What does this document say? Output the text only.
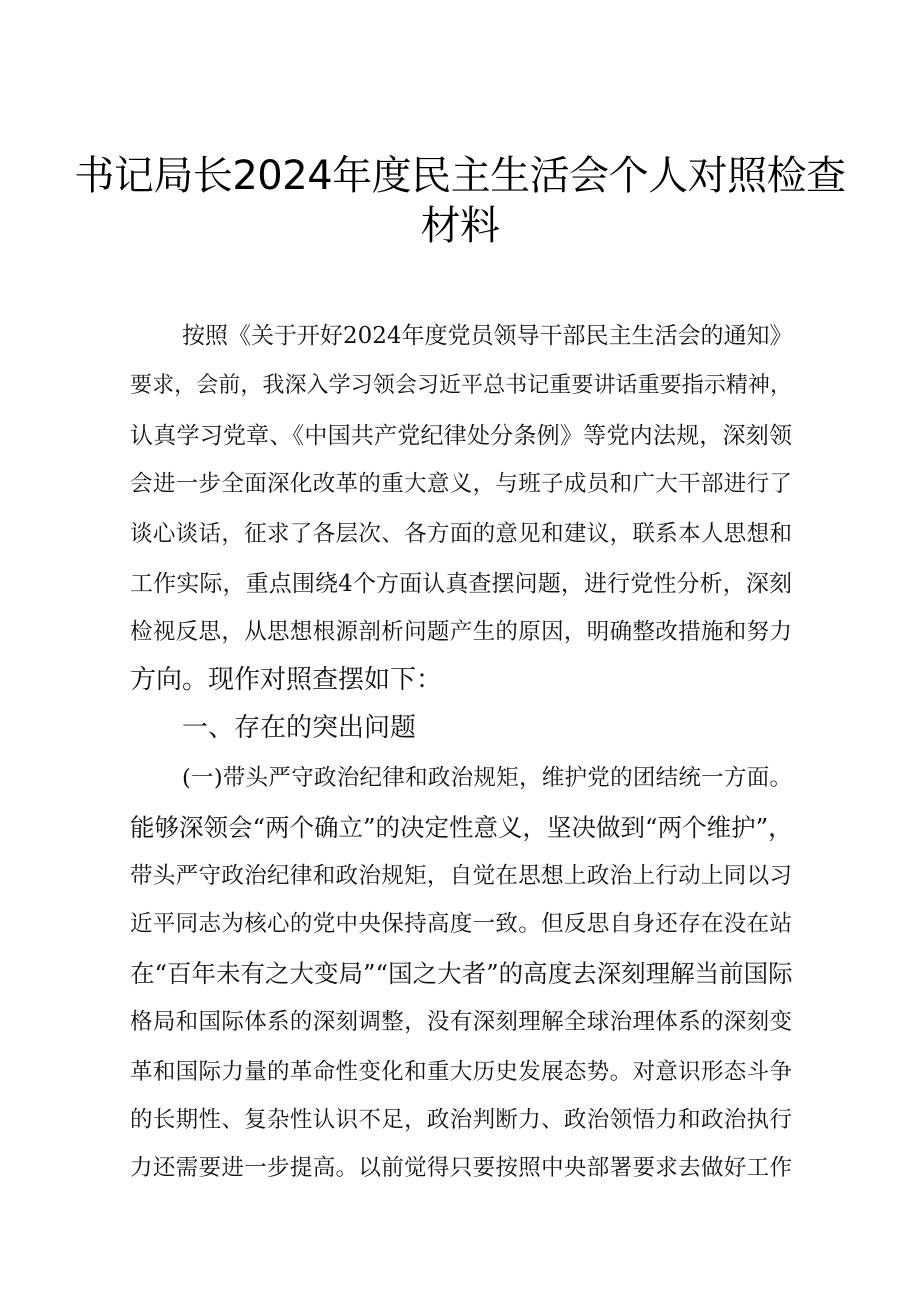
书记局长2024年度民主生活会个人对照检查
材料
按照《关于开好2024年度党员领导干部民主生活会的通知》
要求，会前，我深入学习领会习近平总书记重要讲话重要指示精神，
认真学习党章、《中国共产党纪律处分条例》等党内法规，深刻领
会进一步全面深化改革的重大意义，与班子成员和广大干部进行了
谈心谈话，征求了各层次、各方面的意见和建议，联系本人思想和
工作实际，重点围绕4个方面认真查摆问题，进行党性分析，深刻
检视反思，从思想根源剖析问题产生的原因，明确整改措施和努力
方向。现作对照查摆如下：
一、存在的突出问题
(一)带头严守政治纪律和政治规矩，维护党的团结统一方面。
能够深领会“两个确立”的决定性意义，坚决做到“两个维护”，
带头严守政治纪律和政治规矩，自觉在思想上政治上行动上同以习
近平同志为核心的党中央保持高度一致。但反思自身还存在没在站
在“百年未有之大变局”“国之大者”的高度去深刻理解当前国际
格局和国际体系的深刻调整，没有深刻理解全球治理体系的深刻变
革和国际力量的革命性变化和重大历史发展态势。对意识形态斗争
的长期性、复杂性认识不足，政治判断力、政治领悟力和政治执行
力还需要进一步提高。以前觉得只要按照中央部署要求去做好工作
